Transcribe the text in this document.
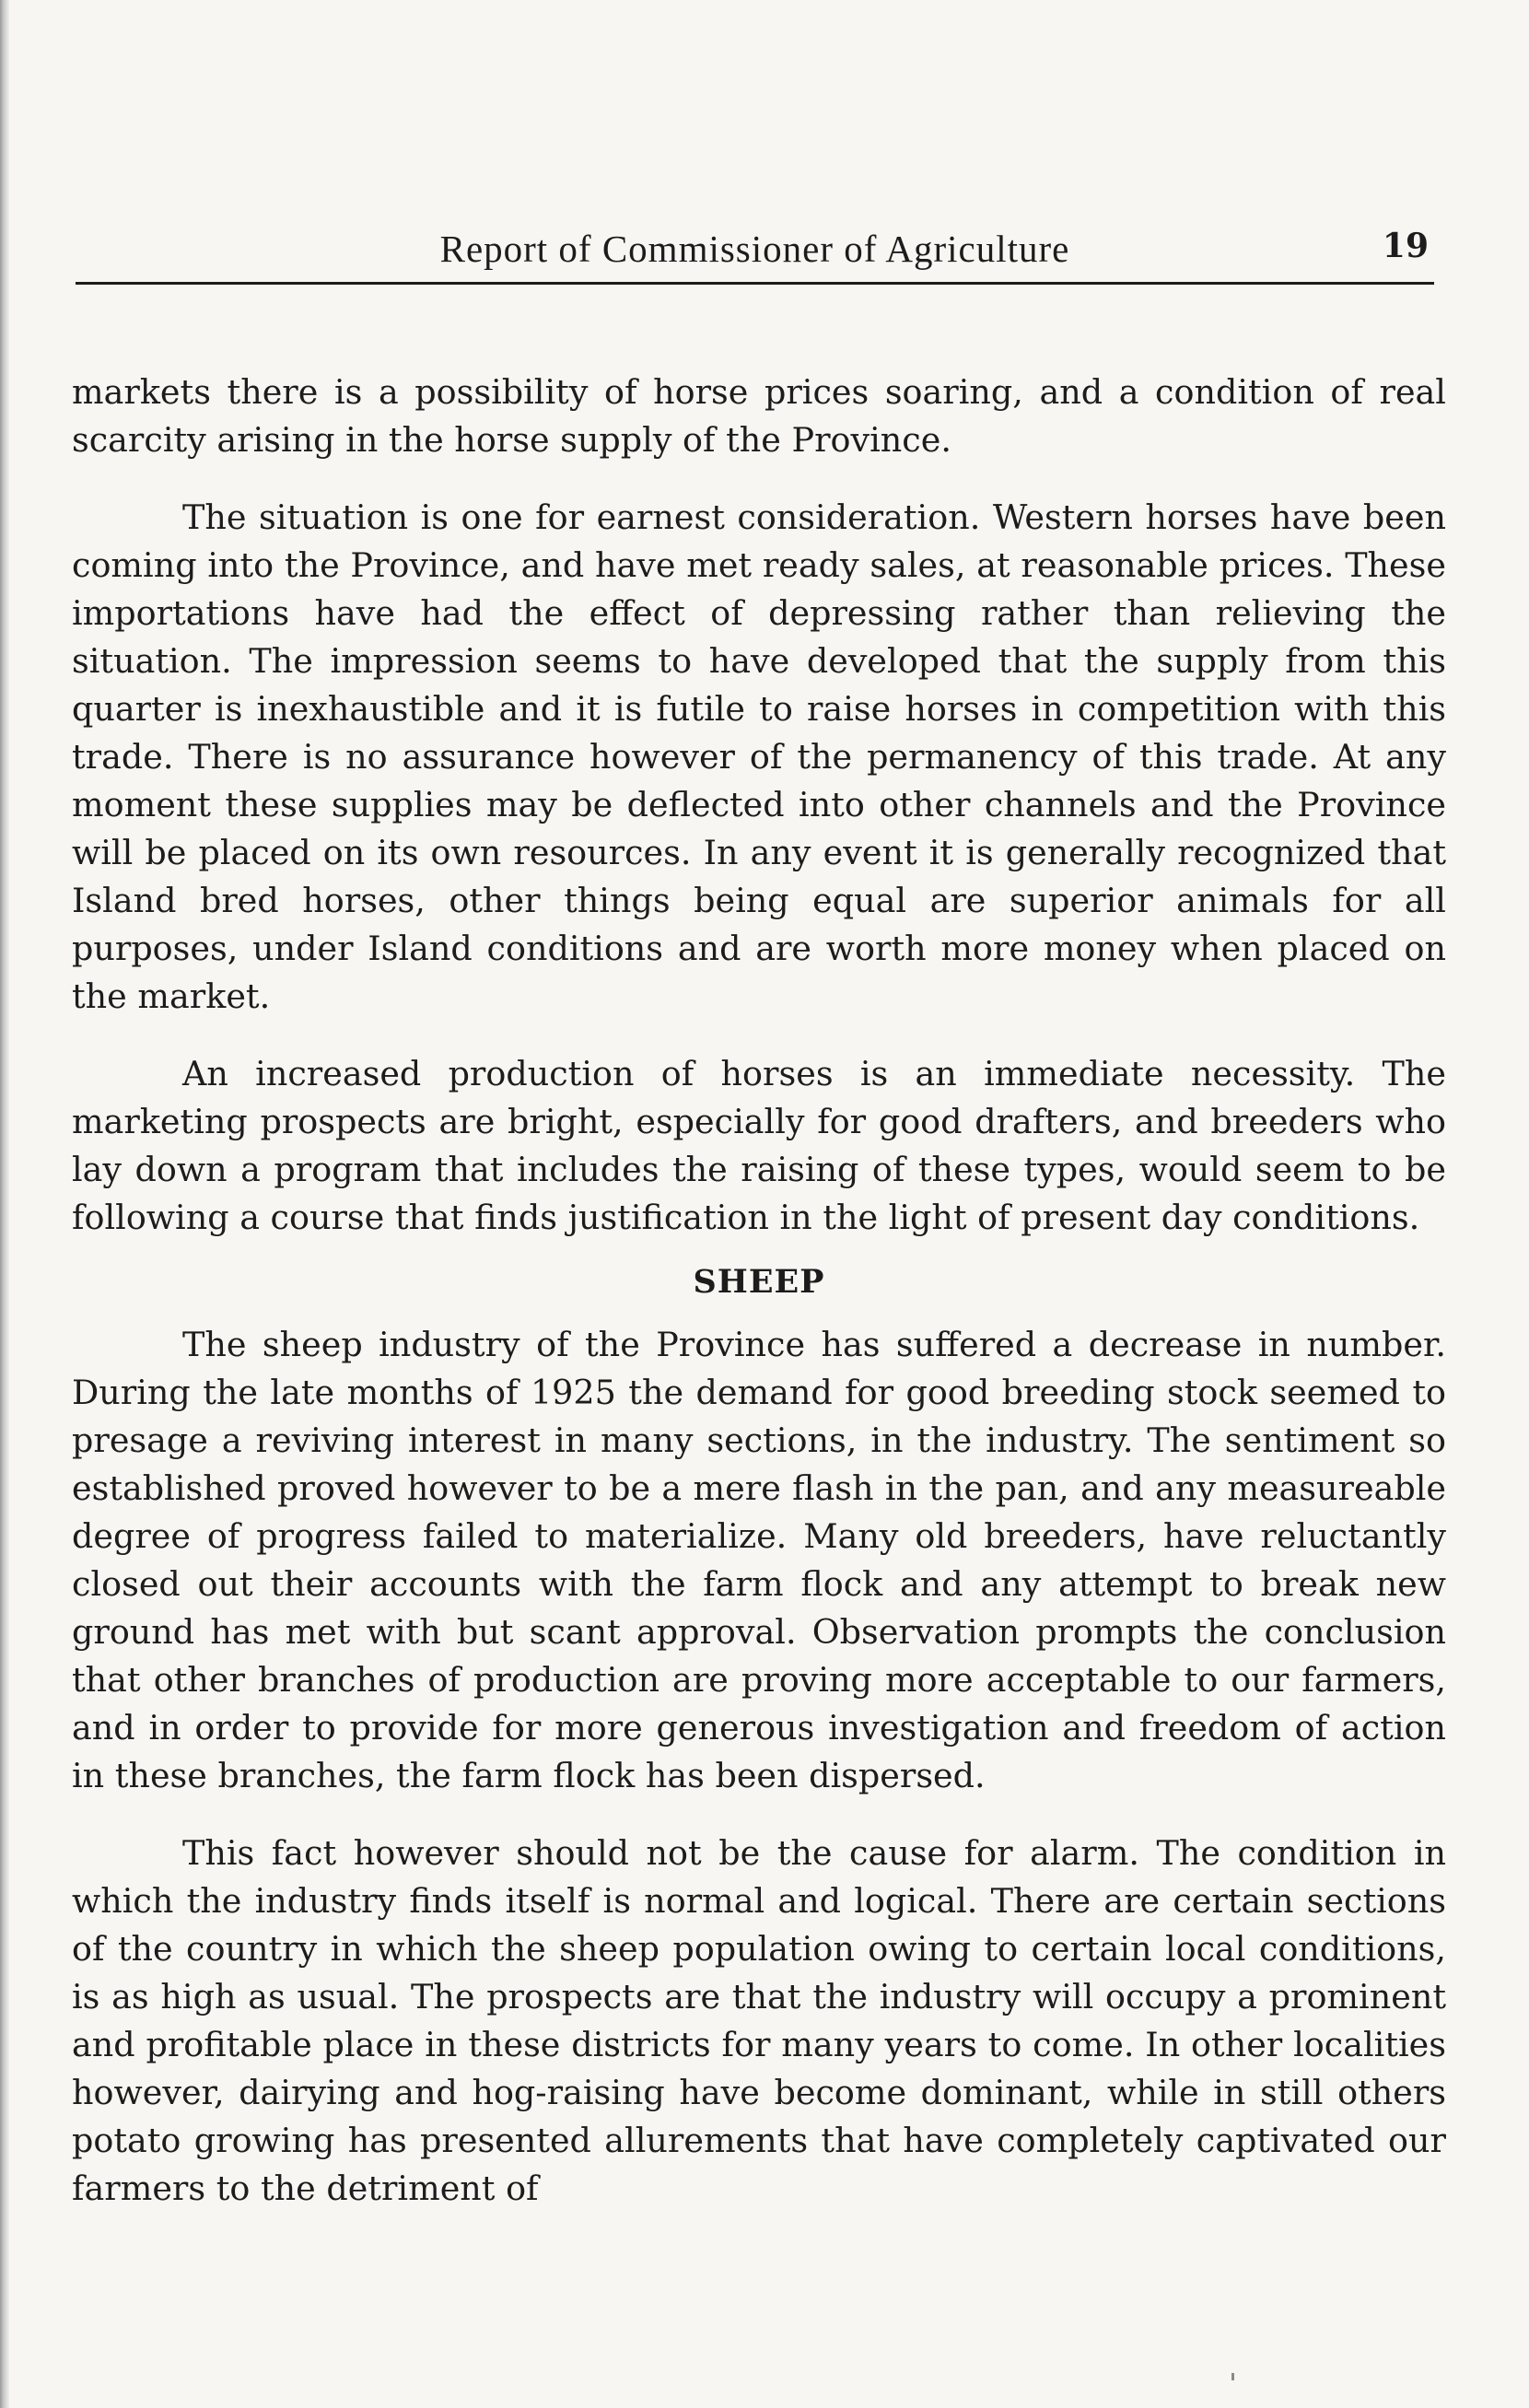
Report of Commissioner of Agriculture	19

markets there is a possibility of horse prices soaring, and a condition of real scarcity arising in the horse supply of the Province.

The situation is one for earnest consideration. Western horses have been coming into the Province, and have met ready sales, at reasonable prices. These importations have had the effect of depressing rather than relieving the situation. The impression seems to have developed that the supply from this quarter is inexhaustible and it is futile to raise horses in competition with this trade. There is no assurance however of the permanency of this trade. At any moment these supplies may be deflected into other channels and the Province will be placed on its own resources. In any event it is generally recognized that Island bred horses, other things being equal are superior animals for all purposes, under Island conditions and are worth more money when placed on the market.

An increased production of horses is an immediate necessity. The marketing prospects are bright, especially for good drafters, and breeders who lay down a program that includes the raising of these types, would seem to be following a course that finds justification in the light of present day conditions.

SHEEP

The sheep industry of the Province has suffered a decrease in number. During the late months of 1925 the demand for good breeding stock seemed to presage a reviving interest in many sections, in the industry. The sentiment so established proved however to be a mere flash in the pan, and any measureable degree of progress failed to materialize. Many old breeders, have reluctantly closed out their accounts with the farm flock and any attempt to break new ground has met with but scant approval. Observation prompts the conclusion that other branches of production are proving more acceptable to our farmers, and in order to provide for more generous investigation and freedom of action in these branches, the farm flock has been dispersed.

This fact however should not be the cause for alarm. The condition in which the industry finds itself is normal and logical. There are certain sections of the country in which the sheep population owing to certain local conditions, is as high as usual. The prospects are that the industry will occupy a prominent and profitable place in these districts for many years to come. In other localities however, dairying and hog-raising have become dominant, while in still others potato growing has presented allurements that have completely captivated our farmers to the detriment of
